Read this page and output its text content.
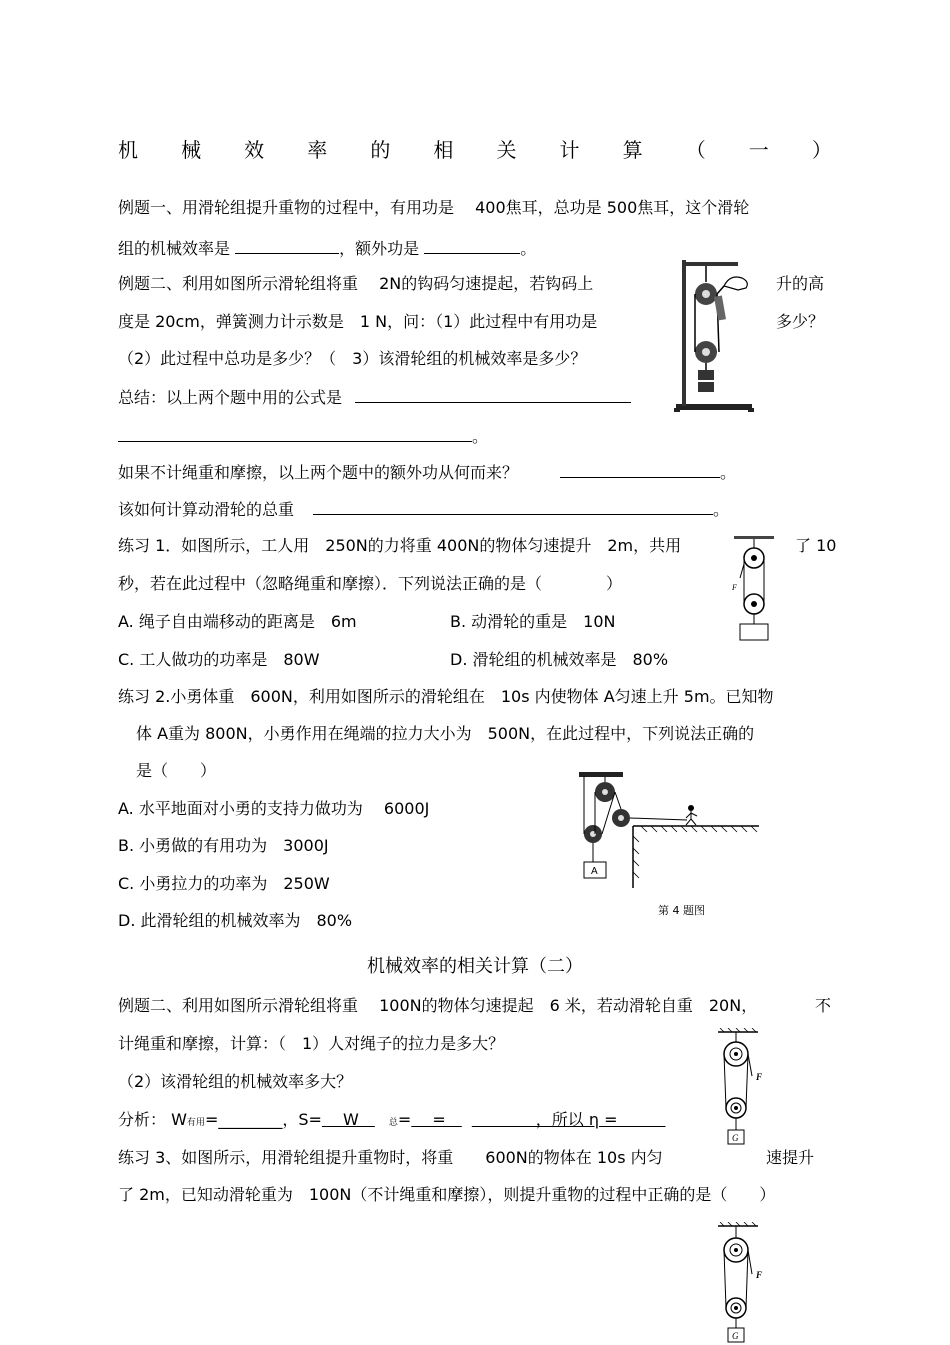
机 械 效 率 的 相 关 计 算 （ 一 ）
例题一、用滑轮组提升重物的过程中，有用功是 　400焦耳，总功是 500焦耳，这个滑轮
组的机械效率是	，额外功是	。
例题二、利用如图所示滑轮组将重　 2N的钩码匀速提起，若钩码上	升的高
度是 20cm，弹簧测力计示数是　1 N，问：（1）此过程中有用功是	多少？
（2）此过程中总功是多少？（　3）该滑轮组的机械效率是多少？
总结：以上两个题中用的公式是
。
如果不计绳重和摩擦，以上两个题中的额外功从何而来？	。
该如何计算动滑轮的总重	。
练习 1．如图所示，工人用　250N的力将重 400N的物体匀速提升　2m，共用	了 10
秒，若在此过程中（忽略绳重和摩擦）．下列说法正确的是（　　　　）
A. 绳子自由端移动的距离是　6m	B. 动滑轮的重是　10N
C. 工人做功的功率是　80W	D. 滑轮组的机械效率是　80%
F
练习 2.小勇体重　600N，利用如图所示的滑轮组在　10s 内使物体 A匀速上升 5m。已知物
体 A重为 800N，小勇作用在绳端的拉力大小为　500N，在此过程中，下列说法正确的
是（　　）
A. 水平地面对小勇的支持力做功为　 6000J
B. 小勇做的有用功为　3000J
C. 小勇拉力的功率为　250W
D. 此滑轮组的机械效率为　80%
A
第 4 题图
机械效率的相关计算（二）
例题二、利用如图所示滑轮组将重　 100N的物体匀速提起　6 米，若动滑轮自重　20N，	不
计绳重和摩擦，计算：（　1）人对绳子的拉力是多大？
（2）该滑轮组的机械效率多大？
分析： W有用=________，S=　 W　总=　 =　　　　　，所以 η =　　　
练习 3、如图所示，用滑轮组提升重物时，将重　　600N的物体在 10s 内匀	速提升
了 2m，已知动滑轮重为　100N（不计绳重和摩擦），则提升重物的过程中正确的是（　　）
F
G
F
G
